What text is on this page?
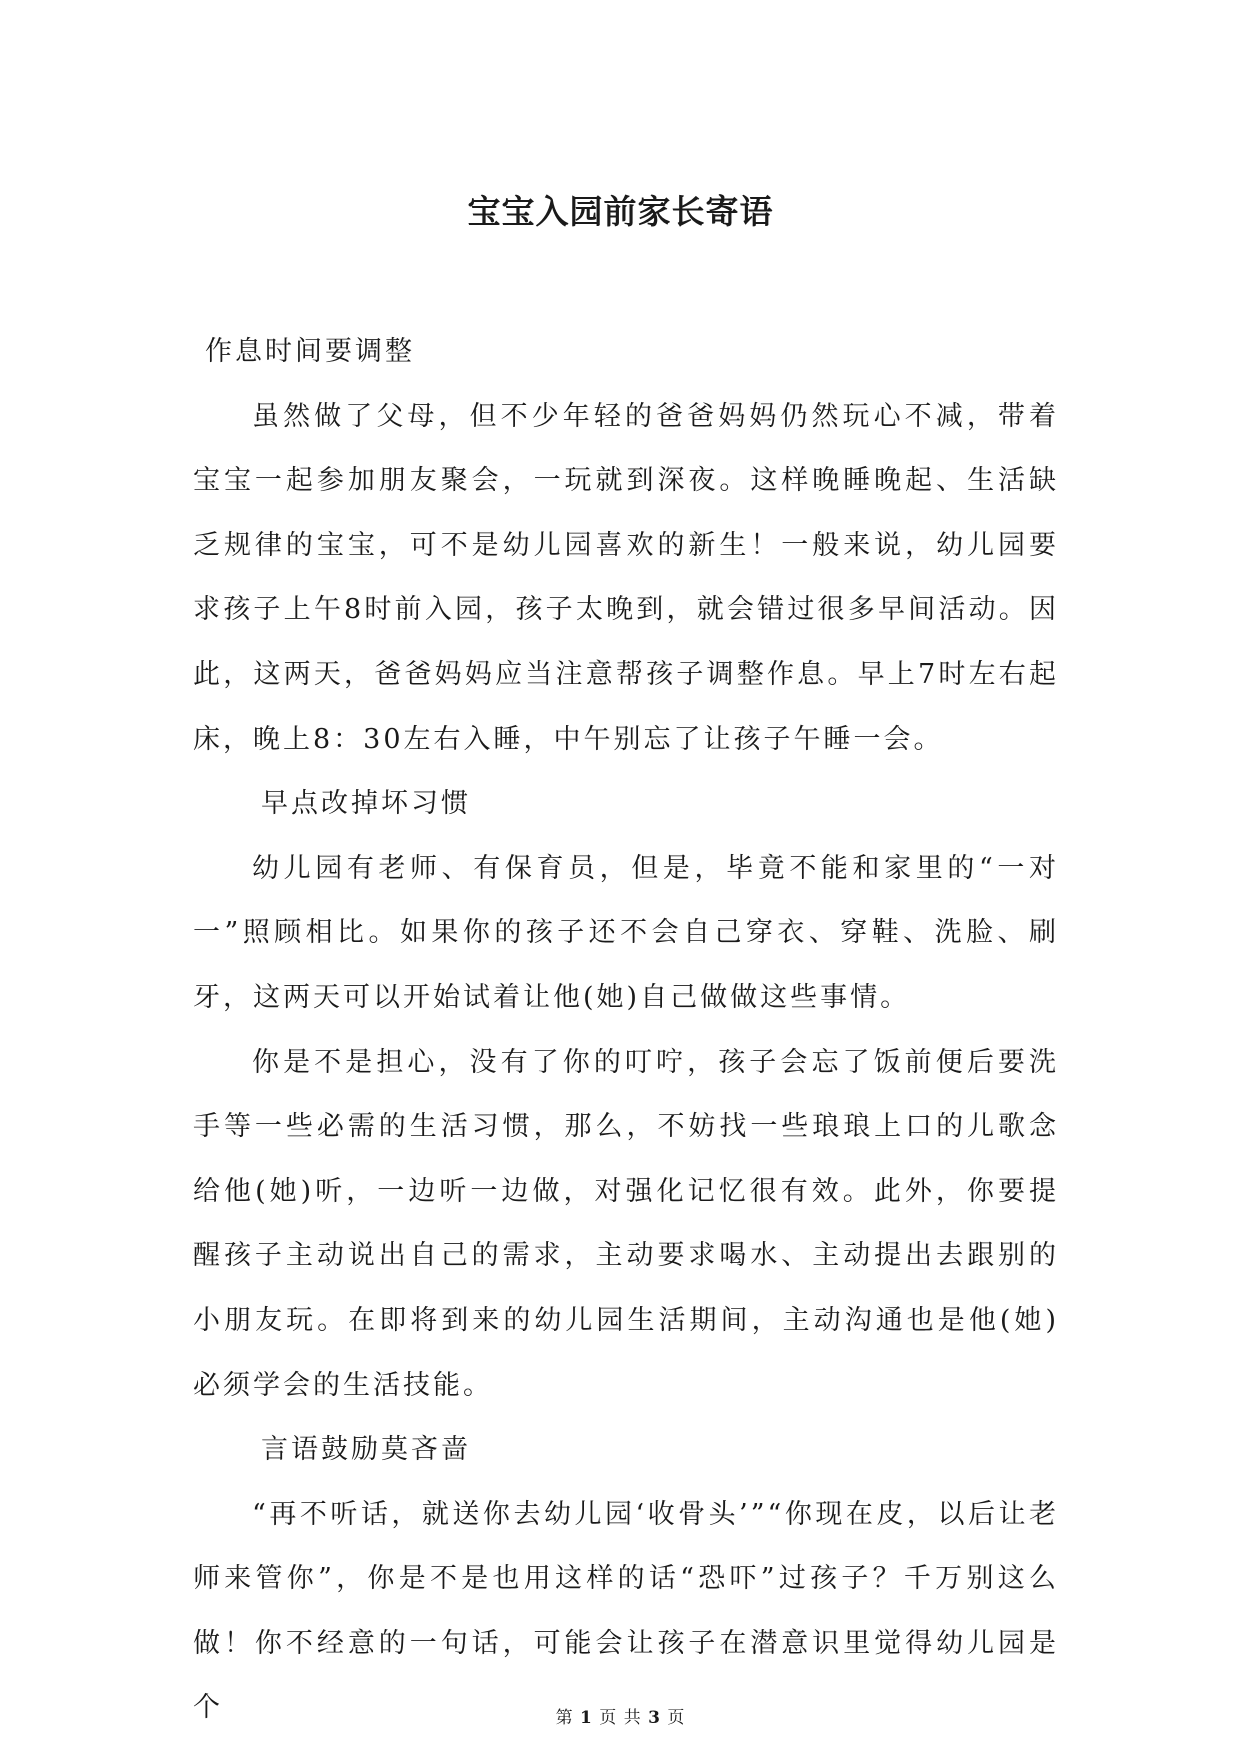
宝宝入园前家长寄语

作息时间要调整

虽然做了父母，但不少年轻的爸爸妈妈仍然玩心不减，带着宝宝一起参加朋友聚会，一玩就到深夜。这样晚睡晚起、生活缺乏规律的宝宝，可不是幼儿园喜欢的新生！一般来说，幼儿园要求孩子上午8时前入园，孩子太晚到，就会错过很多早间活动。因此，这两天，爸爸妈妈应当注意帮孩子调整作息。早上7时左右起床，晚上8：30左右入睡，中午别忘了让孩子午睡一会。

早点改掉坏习惯

幼儿园有老师、有保育员，但是，毕竟不能和家里的“一对一”照顾相比。如果你的孩子还不会自己穿衣、穿鞋、洗脸、刷牙，这两天可以开始试着让他(她)自己做做这些事情。

你是不是担心，没有了你的叮咛，孩子会忘了饭前便后要洗手等一些必需的生活习惯，那么，不妨找一些琅琅上口的儿歌念给他(她)听，一边听一边做，对强化记忆很有效。此外，你要提醒孩子主动说出自己的需求，主动要求喝水、主动提出去跟别的小朋友玩。在即将到来的幼儿园生活期间，主动沟通也是他(她)必须学会的生活技能。

言语鼓励莫吝啬

“再不听话，就送你去幼儿园‘收骨头’”“你现在皮，以后让老师来管你”，你是不是也用这样的话“恐吓”过孩子？千万别这么做！你不经意的一句话，可能会让孩子在潜意识里觉得幼儿园是个	第 1 页 共 3 页
